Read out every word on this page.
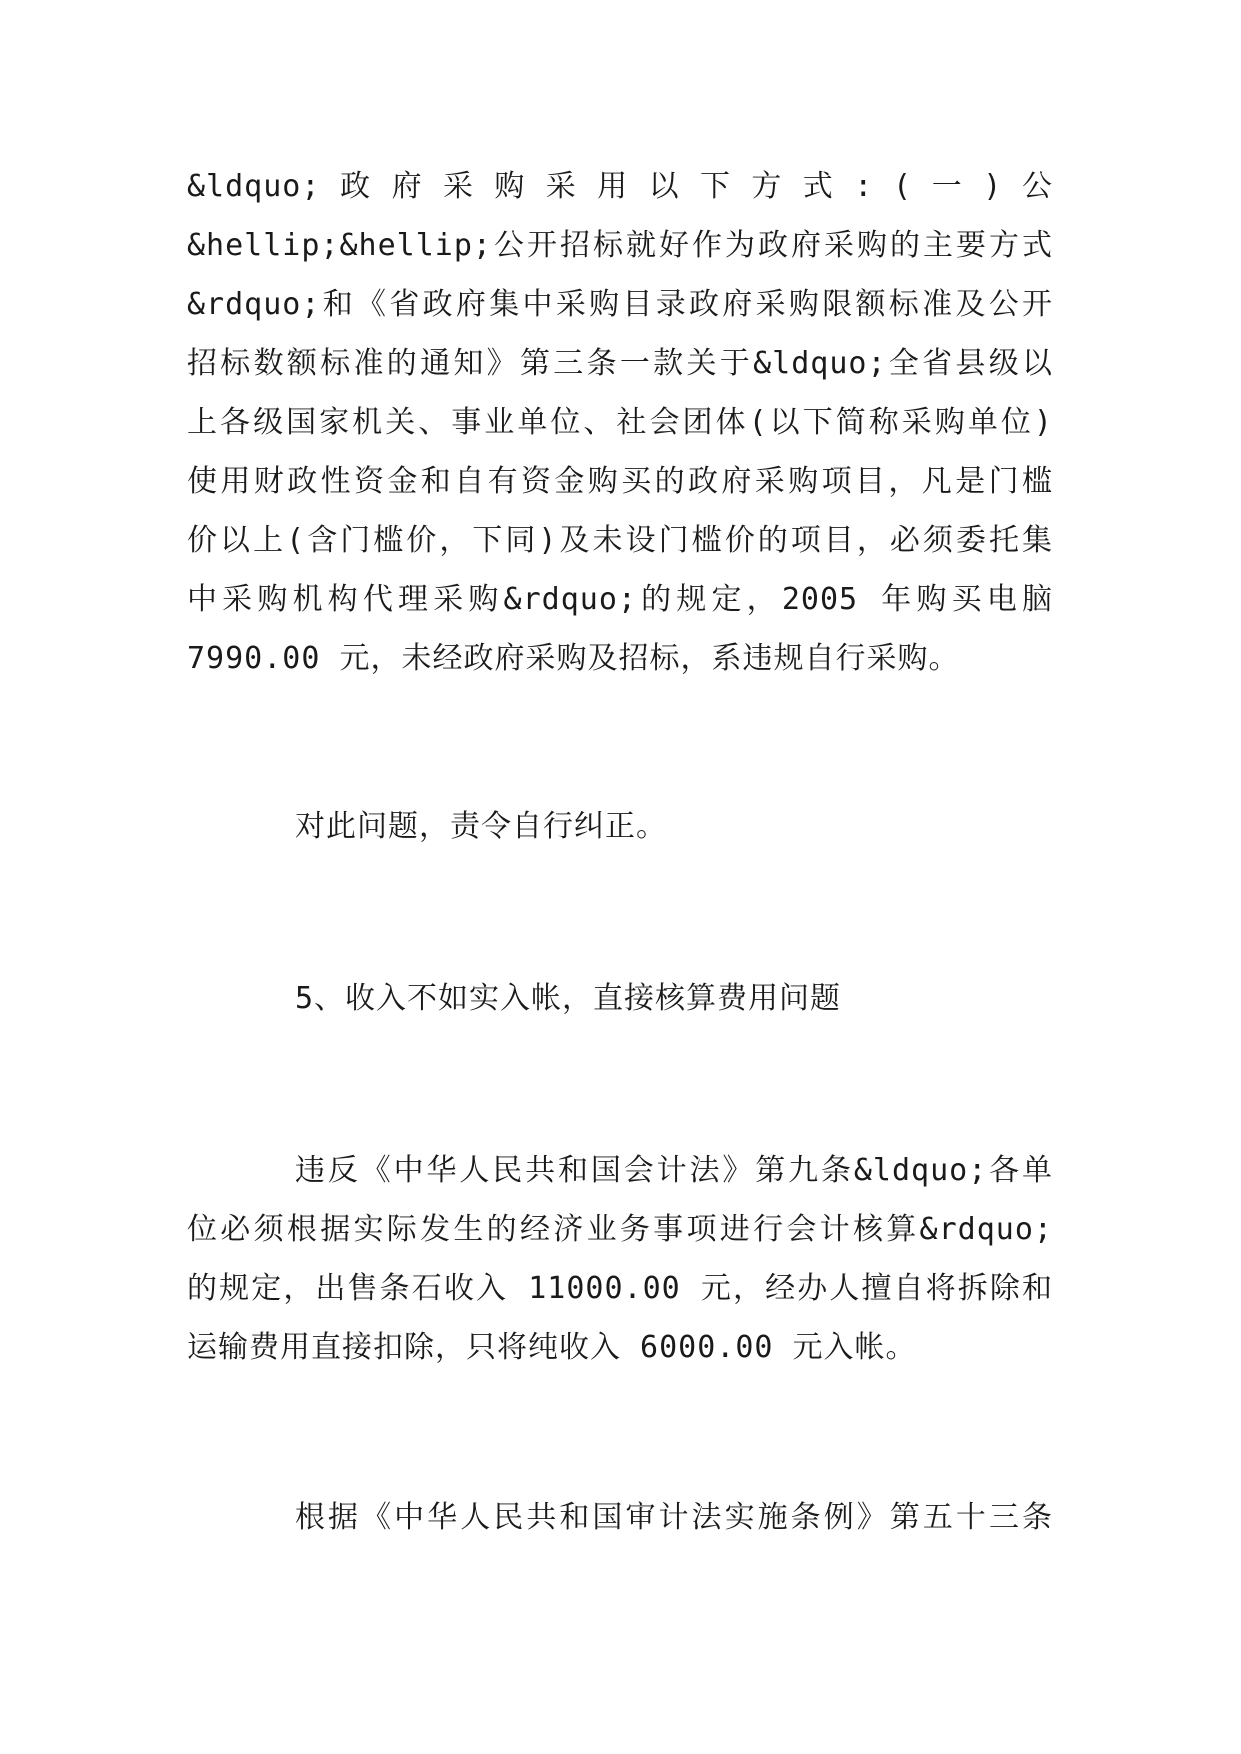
&ldquo; 政 府 采 购 采 用 以 下 方 式 : ( 一 ) 公
&hellip;&hellip;公开招标就好作为政府采购的主要方式
&rdquo;和《省政府集中采购目录政府采购限额标准及公开
招标数额标准的通知》第三条一款关于&ldquo;全省县级以
上各级国家机关、事业单位、社会团体(以下简称采购单位)
使用财政性资金和自有资金购买的政府采购项目，凡是门槛
价以上(含门槛价，下同)及未设门槛价的项目，必须委托集
中采购机构代理采购&rdquo;的规定，2005 年购买电脑
7990.00 元，未经政府采购及招标，系违规自行采购。
对此问题，责令自行纠正。
5、收入不如实入帐，直接核算费用问题
违反《中华人民共和国会计法》第九条&ldquo;各单
位必须根据实际发生的经济业务事项进行会计核算&rdquo;
的规定，出售条石收入 11000.00 元，经办人擅自将拆除和
运输费用直接扣除，只将纯收入 6000.00 元入帐。
根据《中华人民共和国审计法实施条例》第五十三条
